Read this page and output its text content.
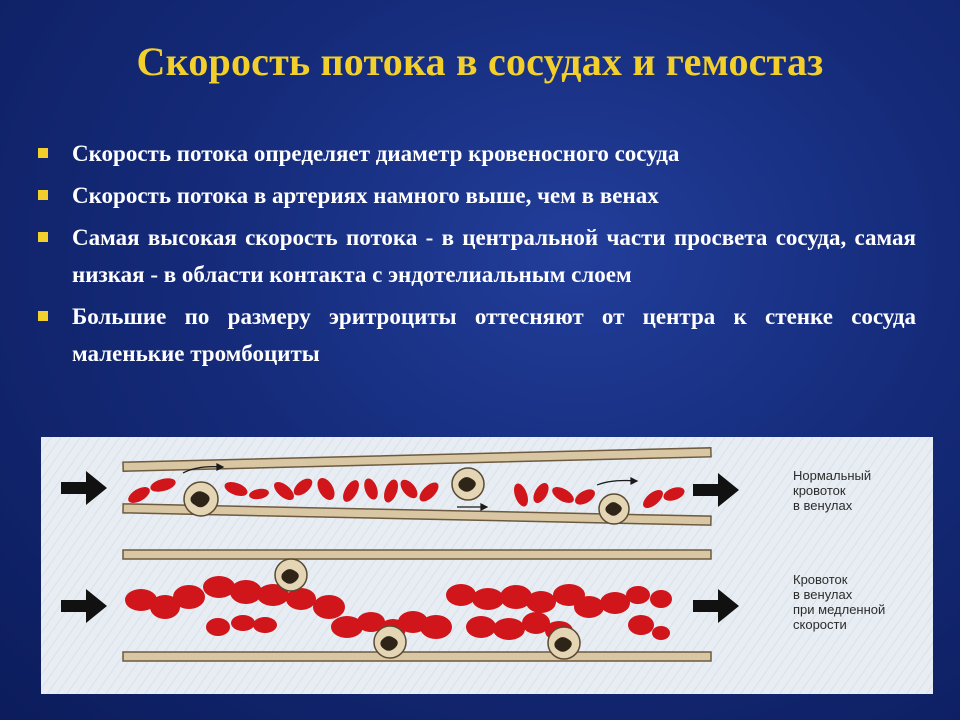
Скорость потока в сосудах и гемостаз
Скорость потока определяет диаметр кровеносного сосуда
Скорость потока в артериях намного выше, чем в венах
Самая высокая скорость потока - в центральной части просвета сосуда, самая низкая - в области контакта с эндотелиальным слоем
Большие по размеру эритроциты оттесняют от центра к стенке сосуда маленькие тромбоциты
Нормальный
кровоток
в венулах
Кровоток
в венулах
при медленной
скорости
